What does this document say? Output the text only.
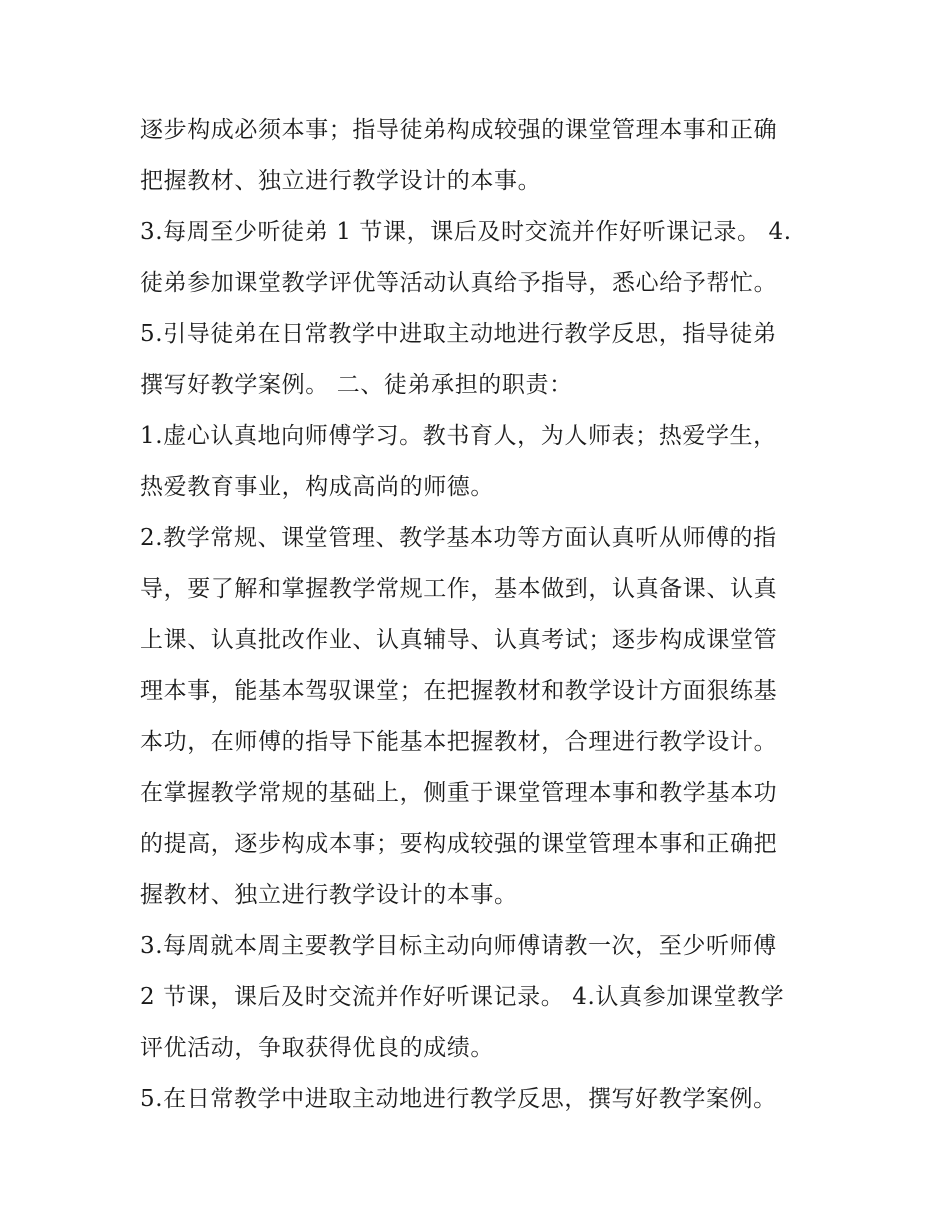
逐步构成必须本事；指导徒弟构成较强的课堂管理本事和正确
把握教材、独立进行教学设计的本事。
3.每周至少听徒弟 1 节课，课后及时交流并作好听课记录。 4.
徒弟参加课堂教学评优等活动认真给予指导，悉心给予帮忙。
5.引导徒弟在日常教学中进取主动地进行教学反思，指导徒弟
撰写好教学案例。 二、徒弟承担的职责：
1.虚心认真地向师傅学习。教书育人，为人师表；热爱学生，
热爱教育事业，构成高尚的师德。
2.教学常规、课堂管理、教学基本功等方面认真听从师傅的指
导，要了解和掌握教学常规工作，基本做到，认真备课、认真
上课、认真批改作业、认真辅导、认真考试；逐步构成课堂管
理本事，能基本驾驭课堂；在把握教材和教学设计方面狠练基
本功，在师傅的指导下能基本把握教材，合理进行教学设计。
在掌握教学常规的基础上，侧重于课堂管理本事和教学基本功
的提高，逐步构成本事；要构成较强的课堂管理本事和正确把
握教材、独立进行教学设计的本事。
3.每周就本周主要教学目标主动向师傅请教一次，至少听师傅
2 节课，课后及时交流并作好听课记录。 4.认真参加课堂教学
评优活动，争取获得优良的成绩。
5.在日常教学中进取主动地进行教学反思，撰写好教学案例。
